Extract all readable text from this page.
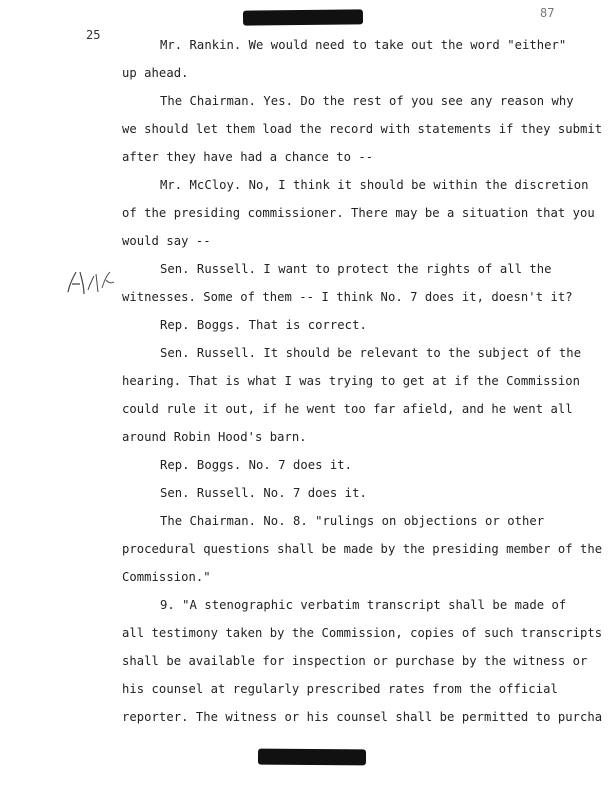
87
25
Mr. Rankin. We would need to take out the word "either"
up ahead.
The Chairman. Yes. Do the rest of you see any reason why
we should let them load the record with statements if they submit
after they have had a chance to --
Mr. McCloy. No, I think it should be within the discretion
of the presiding commissioner. There may be a situation that you
would say --
Sen. Russell. I want to protect the rights of all the
witnesses. Some of them -- I think No. 7 does it, doesn't it?
Rep. Boggs. That is correct.
Sen. Russell. It should be relevant to the subject of the
hearing. That is what I was trying to get at if the Commission
could rule it out, if he went too far afield, and he went all
around Robin Hood's barn.
Rep. Boggs. No. 7 does it.
Sen. Russell. No. 7 does it.
The Chairman. No. 8. "rulings on objections or other
procedural questions shall be made by the presiding member of the
Commission."
9. "A stenographic verbatim transcript shall be made of
all testimony taken by the Commission, copies of such transcripts
shall be available for inspection or purchase by the witness or
his counsel at regularly prescribed rates from the official
reporter. The witness or his counsel shall be permitted to purcha
